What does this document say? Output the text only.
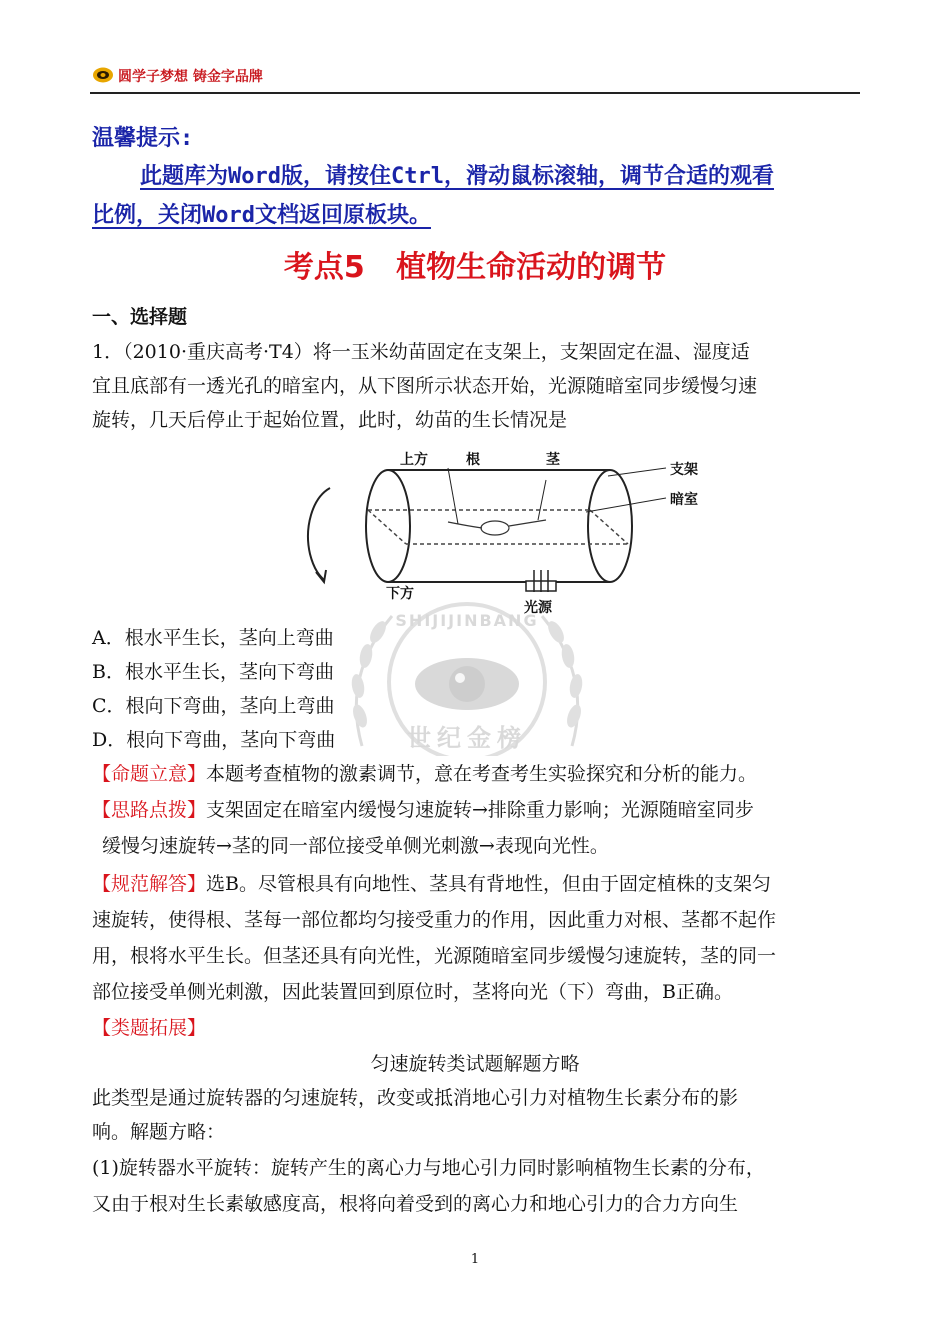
圆学子梦想 铸金字品牌
温馨提示:
此题库为Word版，请按住Ctrl，滑动鼠标滚轴，调节合适的观看
比例，关闭Word文档返回原板块。
考点5   植物生命活动的调节
一、选择题
1．（2010·重庆高考·T4）将一玉米幼苗固定在支架上，支架固定在温、湿度适
宜且底部有一透光孔的暗室内，从下图所示状态开始，光源随暗室同步缓慢匀速
旋转，几天后停止于起始位置，此时，幼苗的生长情况是
SHIJIJINBANG
世纪金榜
上方	根	茎
支架
暗室
下方
光源
A．根水平生长，茎向上弯曲
B．根水平生长，茎向下弯曲
C．根向下弯曲，茎向上弯曲
D．根向下弯曲，茎向下弯曲
【命题立意】本题考查植物的激素调节，意在考查考生实验探究和分析的能力。
【思路点拨】支架固定在暗室内缓慢匀速旋转→排除重力影响；光源随暗室同步
缓慢匀速旋转→茎的同一部位接受单侧光刺激→表现向光性。
【规范解答】选B。尽管根具有向地性、茎具有背地性，但由于固定植株的支架匀
速旋转，使得根、茎每一部位都均匀接受重力的作用，因此重力对根、茎都不起作
用，根将水平生长。但茎还具有向光性，光源随暗室同步缓慢匀速旋转，茎的同一
部位接受单侧光刺激，因此装置回到原位时，茎将向光（下）弯曲，B正确。
【类题拓展】
匀速旋转类试题解题方略
此类型是通过旋转器的匀速旋转，改变或抵消地心引力对植物生长素分布的影
响。解题方略：
(1)旋转器水平旋转：旋转产生的离心力与地心引力同时影响植物生长素的分布，
又由于根对生长素敏感度高，根将向着受到的离心力和地心引力的合力方向生
1
